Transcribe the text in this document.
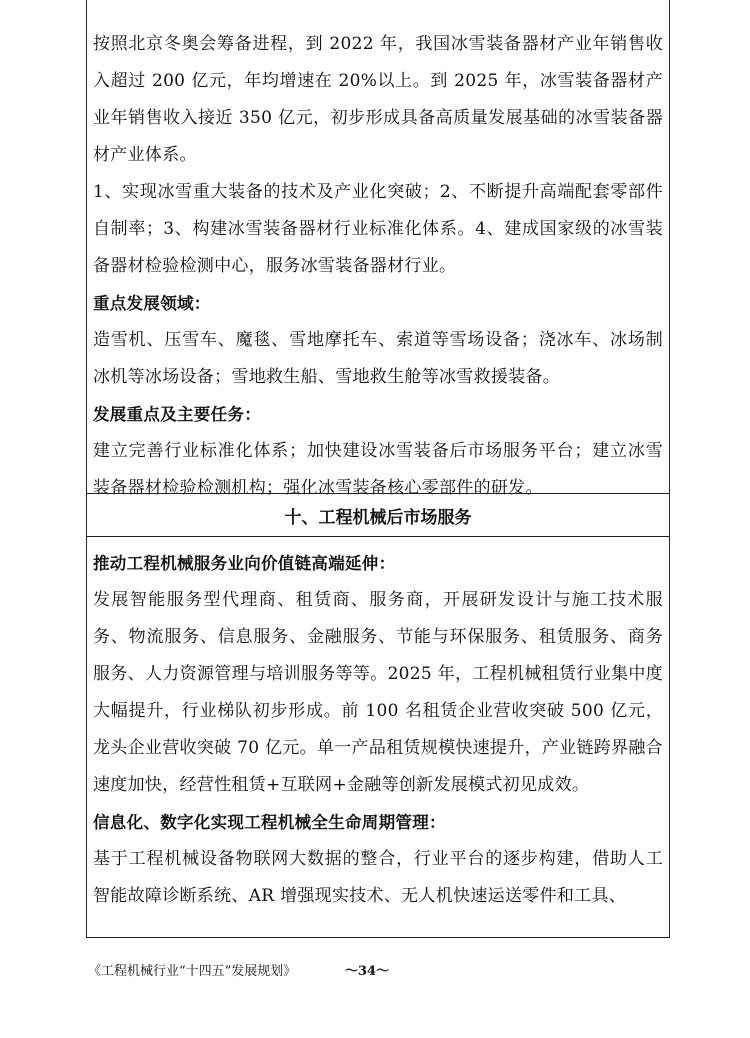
按照北京冬奥会筹备进程，到 2022 年，我国冰雪装备器材产业年销售收入超过 200 亿元，年均增速在 20%以上。到 2025 年，冰雪装备器材产业年销售收入接近 350 亿元，初步形成具备高质量发展基础的冰雪装备器材产业体系。

1、实现冰雪重大装备的技术及产业化突破；2、不断提升高端配套零部件自制率；3、构建冰雪装备器材行业标准化体系。4、建成国家级的冰雪装备器材检验检测中心，服务冰雪装备器材行业。

重点发展领域：

造雪机、压雪车、魔毯、雪地摩托车、索道等雪场设备；浇冰车、冰场制冰机等冰场设备；雪地救生船、雪地救生舱等冰雪救援装备。

发展重点及主要任务：

建立完善行业标准化体系；加快建设冰雪装备后市场服务平台；建立冰雪装备器材检验检测机构；强化冰雪装备核心零部件的研发。

十、工程机械后市场服务

推动工程机械服务业向价值链高端延伸：

发展智能服务型代理商、租赁商、服务商，开展研发设计与施工技术服务、物流服务、信息服务、金融服务、节能与环保服务、租赁服务、商务服务、人力资源管理与培训服务等等。2025 年，工程机械租赁行业集中度大幅提升，行业梯队初步形成。前 100 名租赁企业营收突破 500 亿元，龙头企业营收突破 70 亿元。单一产品租赁规模快速提升，产业链跨界融合速度加快，经营性租赁+互联网+金融等创新发展模式初见成效。

信息化、数字化实现工程机械全生命周期管理：

基于工程机械设备物联网大数据的整合，行业平台的逐步构建，借助人工智能故障诊断系统、AR 增强现实技术、无人机快速运送零件和工具、

《工程机械行业“十四五”发展规划》	～34～
